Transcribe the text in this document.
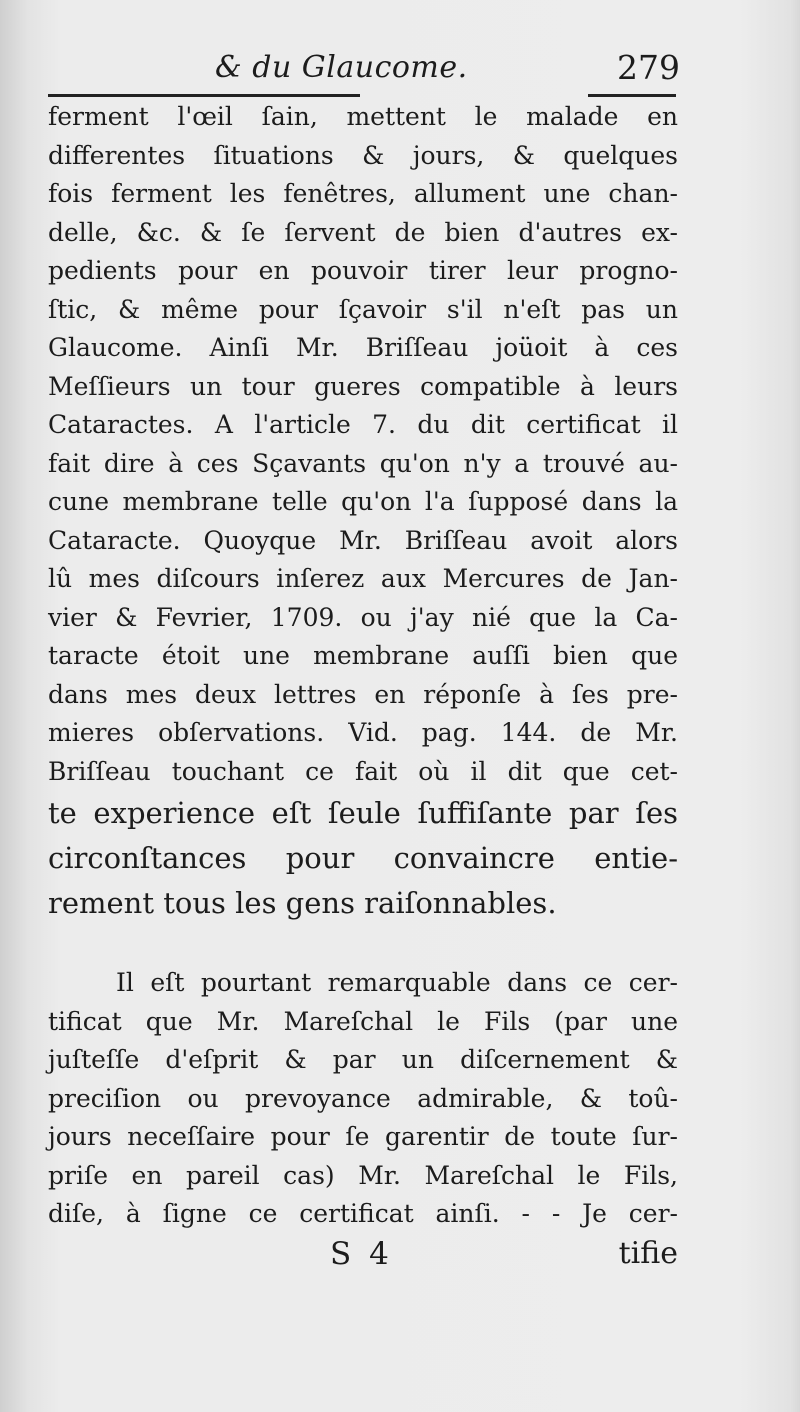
& du Glaucome.	279
ferment l'œil ſain, mettent le malade en
differentes ſituations & jours, & quelques
fois ferment les fenêtres, allument une chan-
delle, &c. & ſe ſervent de bien d'autres ex-
pedients pour en pouvoir tirer leur progno-
ſtic, & même pour ſçavoir s'il n'eſt pas un
Glaucome. Ainſi Mr. Briſſeau joüoit à ces
Meſſieurs un tour gueres compatible à leurs
Cataractes. A l'article 7. du dit certificat il
fait dire à ces Sçavants qu'on n'y a trouvé au-
cune membrane telle qu'on l'a ſupposé dans la
Cataracte. Quoyque Mr. Briſſeau avoit alors
lû mes diſcours inſerez aux Mercures de Jan-
vier & Fevrier, 1709. ou j'ay nié que la Ca-
taracte étoit une membrane auſſi bien que
dans mes deux lettres en réponſe à ſes pre-
mieres obſervations. Vid. pag. 144. de Mr.
Briſſeau touchant ce fait où il dit que cet-
te experience eſt ſeule ſuffiſante par ſes
circonſtances pour convaincre entie-
rement tous les gens raiſonnables.
Il eſt pourtant remarquable dans ce cer-
tificat que Mr. Mareſchal le Fils (par une
juſteſſe d'eſprit & par un diſcernement &
preciſion ou prevoyance admirable, & toû-
jours neceſſaire pour ſe garentir de toute ſur-
priſe en pareil cas) Mr. Mareſchal le Fils,
diſe, à ſigne ce certificat ainſi. - - Je cer-
S 4	tifie
